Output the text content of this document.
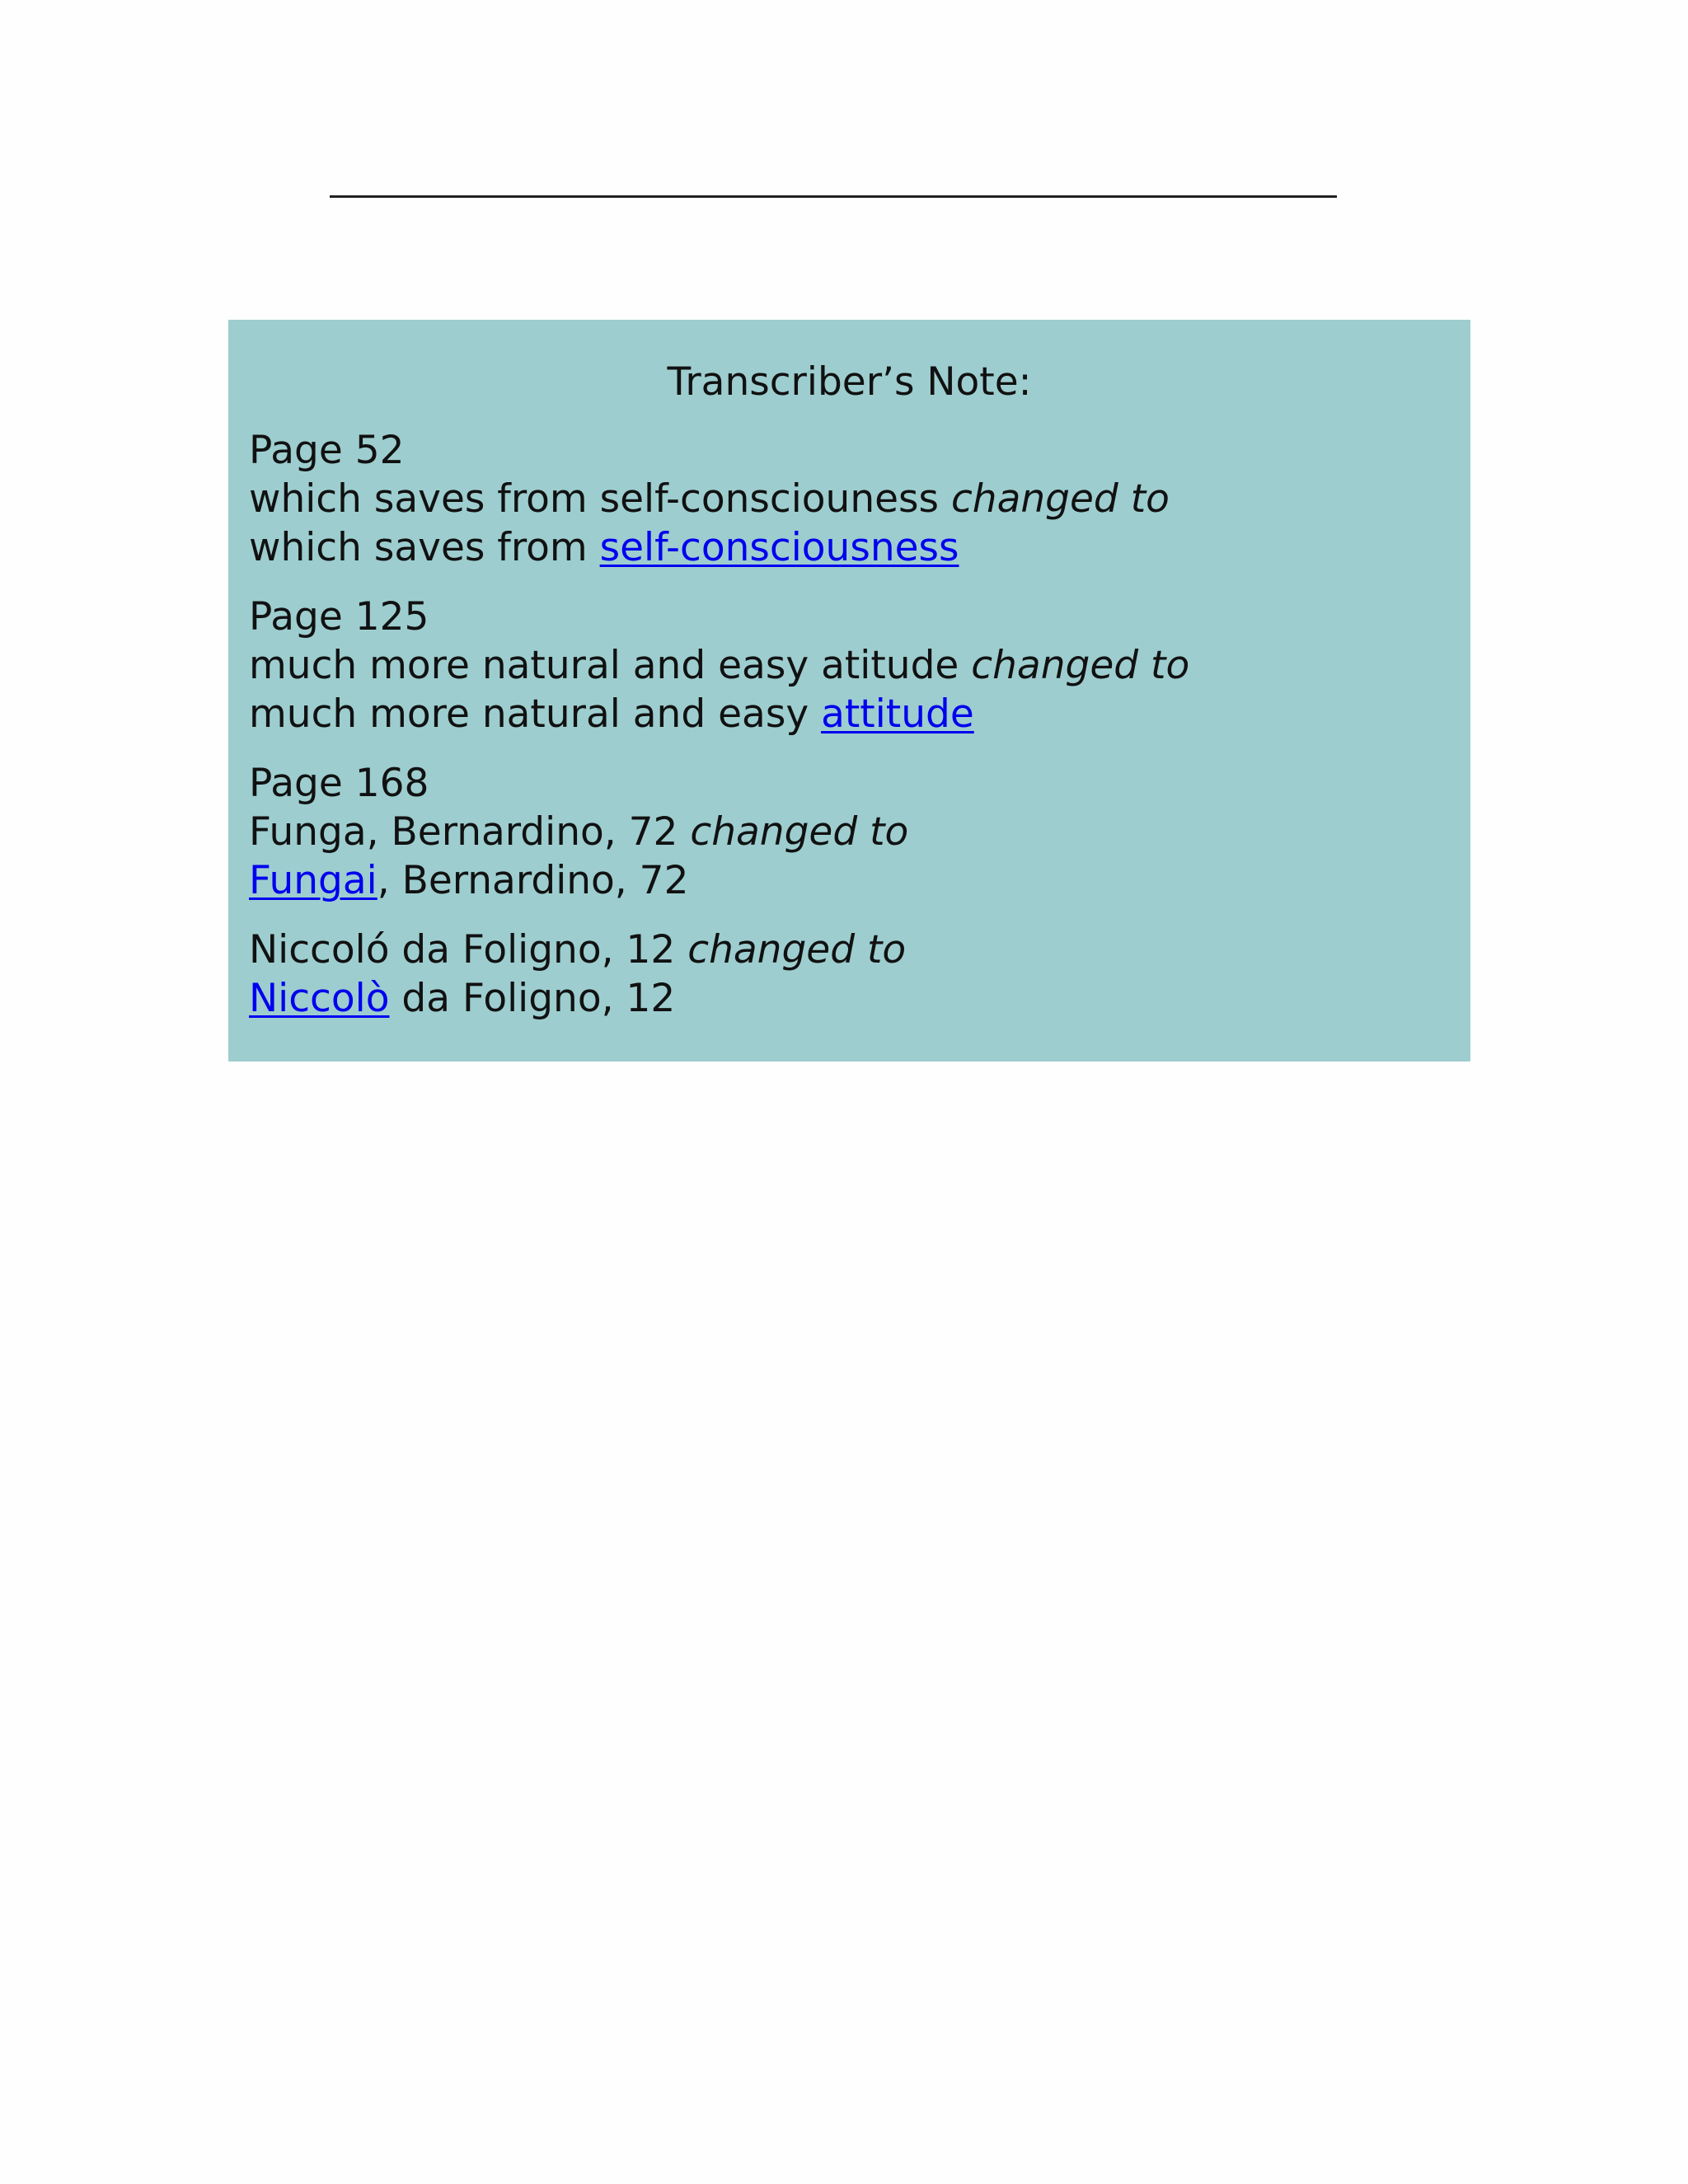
Transcriber’s Note:
Page 52
which saves from self-consciouness changed to
which saves from self-consciousness
Page 125
much more natural and easy atitude changed to
much more natural and easy attitude
Page 168
Funga, Bernardino, 72 changed to
Fungai, Bernardino, 72
Niccoló da Foligno, 12 changed to
Niccolò da Foligno, 12
